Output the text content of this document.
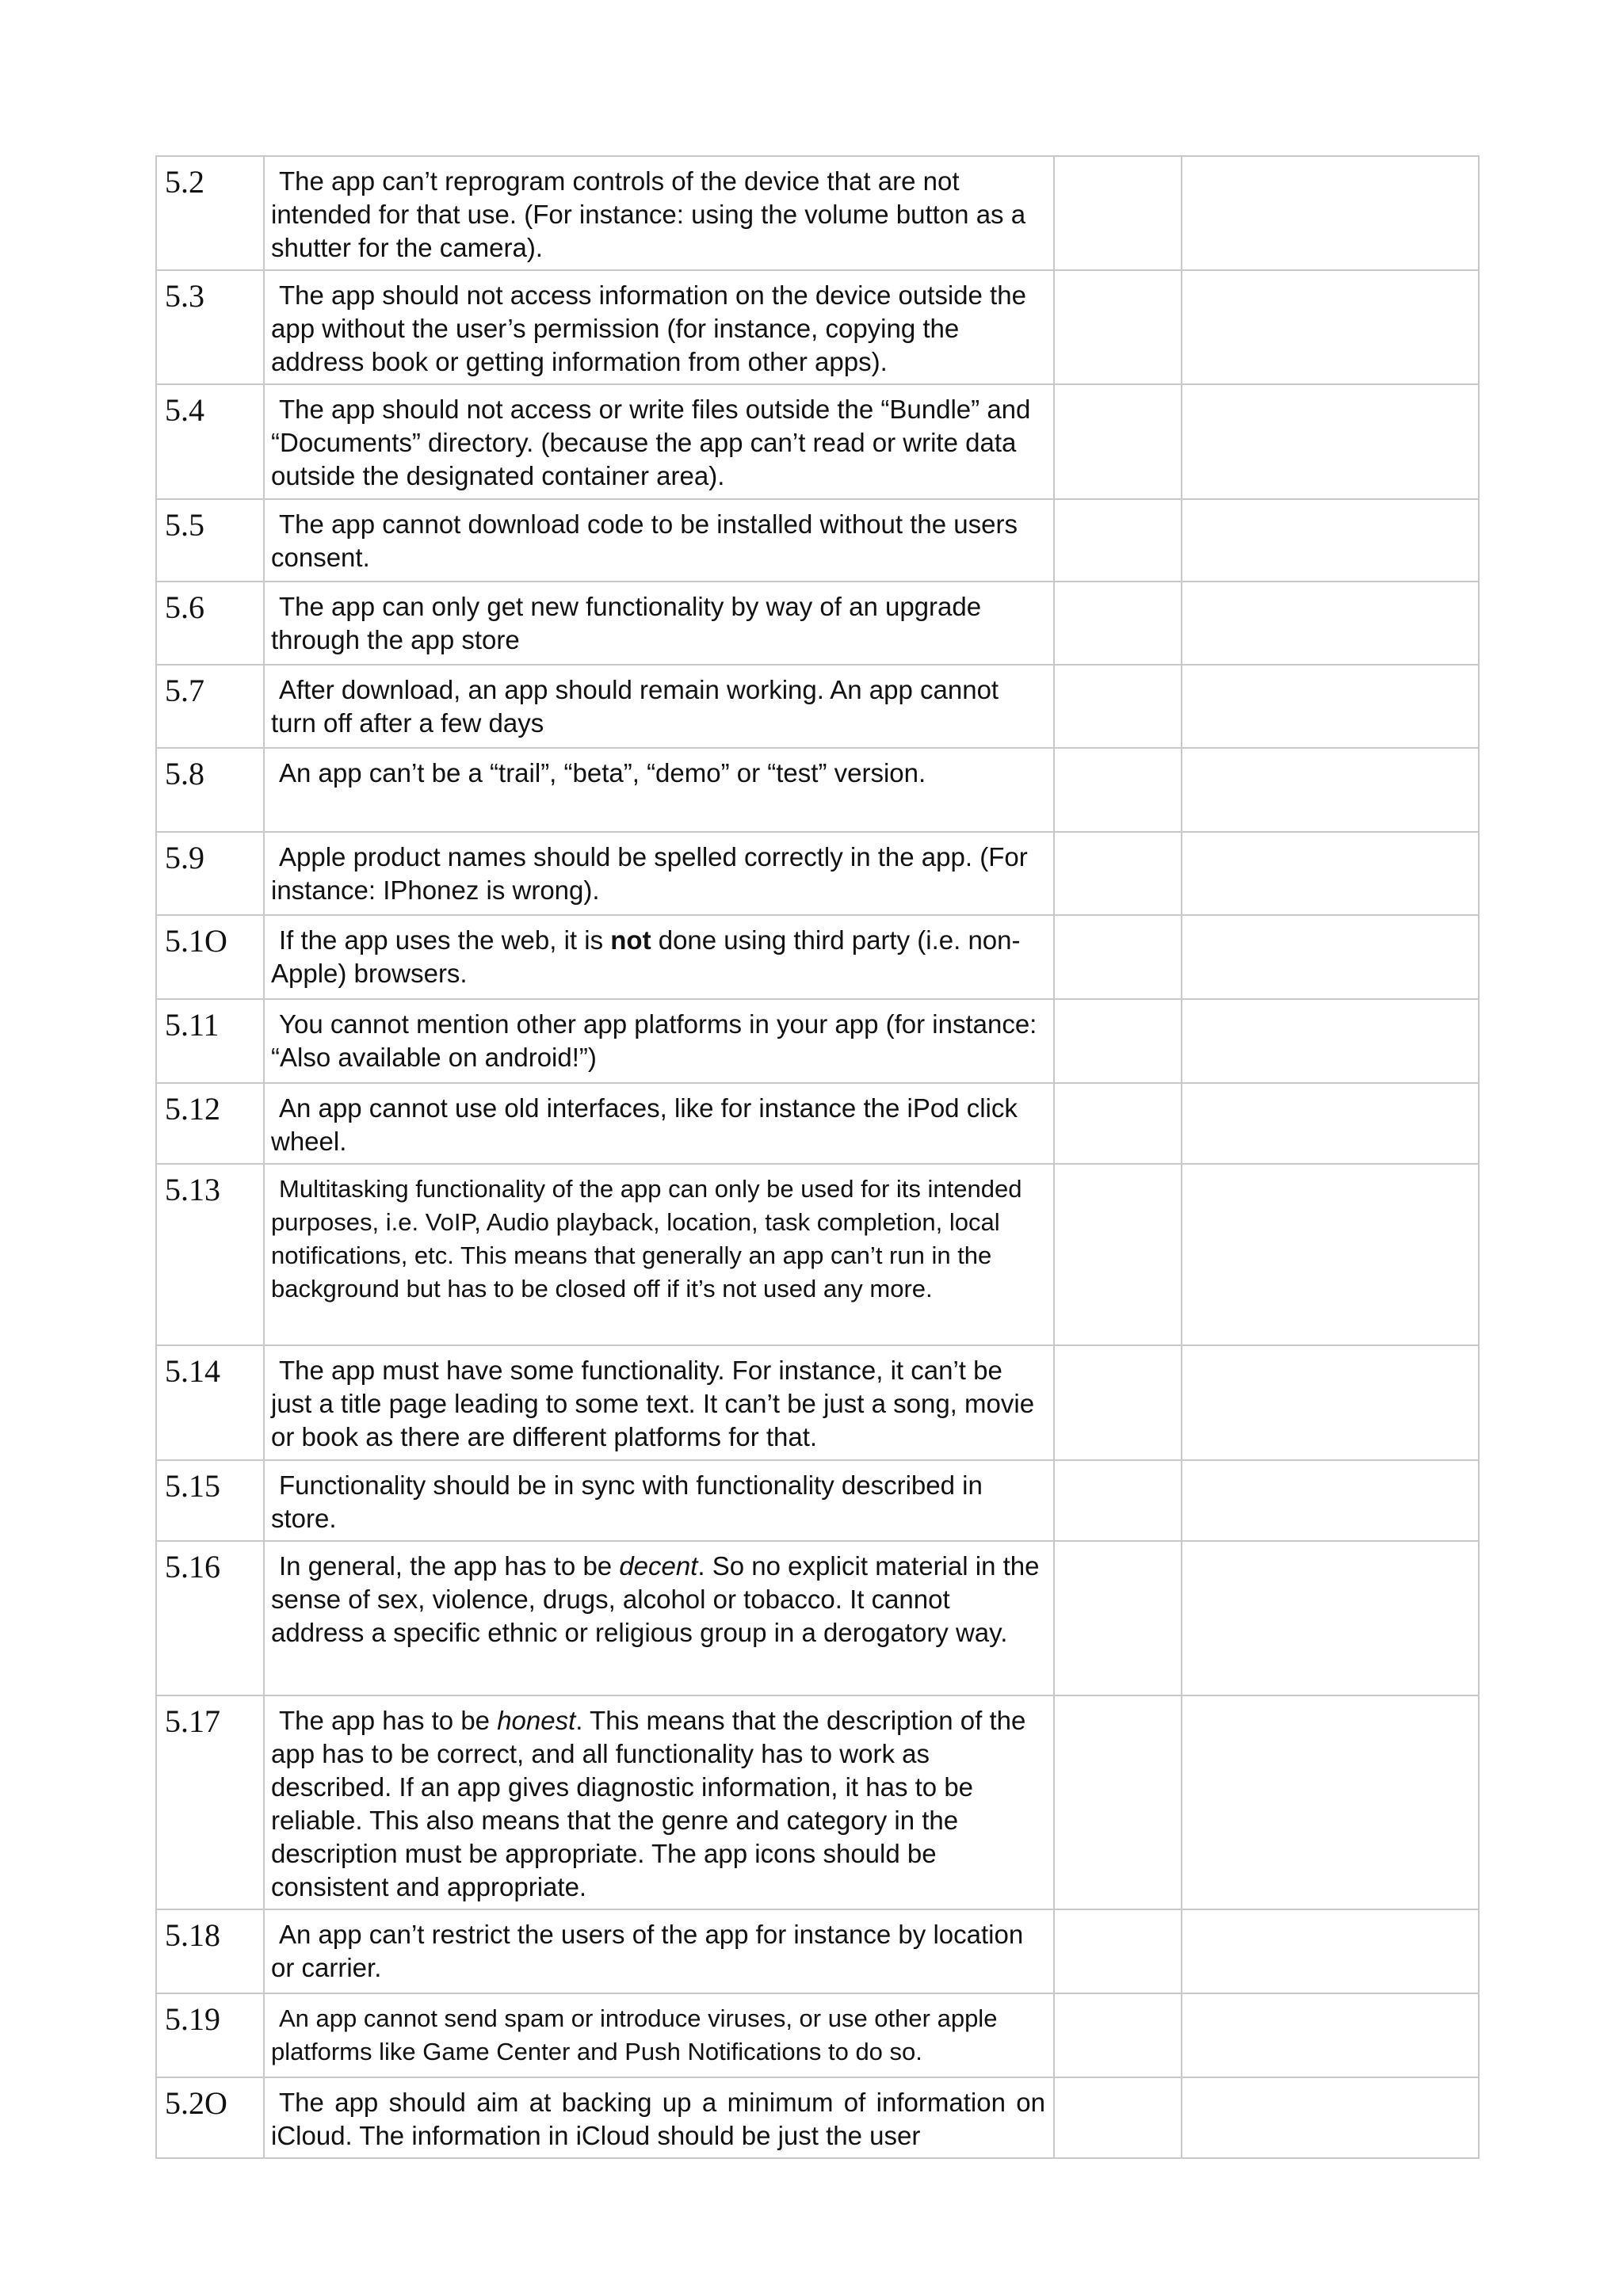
5.2	The app can’t reprogram controls of the device that are not intended for that use. (For instance: using the volume button as a shutter for the camera).		

5.3	The app should not access information on the device outside the app without the user’s permission (for instance, copying the address book or getting information from other apps).		

5.4	The app should not access or write files outside the “Bundle” and “Documents” directory. (because the app can’t read or write data outside the designated container area).		

5.5	The app cannot download code to be installed without the users consent.		

5.6	The app can only get new functionality by way of an upgrade through the app store		

5.7	After download, an app should remain working. An app cannot turn off after a few days		

5.8	An app can’t be a “trail”, “beta”, “demo” or “test” version.		

5.9	Apple product names should be spelled correctly in the app. (For instance: IPhonez is wrong).		

5.1O	If the app uses the web, it is not done using third party (i.e. non-Apple) browsers.		

5.11	You cannot mention other app platforms in your app (for instance: “Also available on android!”)		

5.12	An app cannot use old interfaces, like for instance the iPod click wheel.		

5.13	Multitasking functionality of the app can only be used for its intended purposes, i.e. VoIP, Audio playback, location, task completion, local notifications, etc. This means that generally an app can’t run in the background but has to be closed off if it’s not used any more.		

5.14	The app must have some functionality. For instance, it can’t be just a title page leading to some text. It can’t be just a song, movie or book as there are different platforms for that.		

5.15	Functionality should be in sync with functionality described in store.		

5.16	In general, the app has to be decent. So no explicit material in the sense of sex, violence, drugs, alcohol or tobacco. It cannot address a specific ethnic or religious group in a derogatory way.		

5.17	The app has to be honest. This means that the description of the app has to be correct, and all functionality has to work as described. If an app gives diagnostic information, it has to be reliable. This also means that the genre and category in the description must be appropriate. The app icons should be consistent and appropriate.		

5.18	An app can’t restrict the users of the app for instance by location or carrier.		

5.19	An app cannot send spam or introduce viruses, or use other apple platforms like Game Center and Push Notifications to do so.		

5.2O	The app should aim at backing up a minimum of information on iCloud. The information in iCloud should be just the user		
